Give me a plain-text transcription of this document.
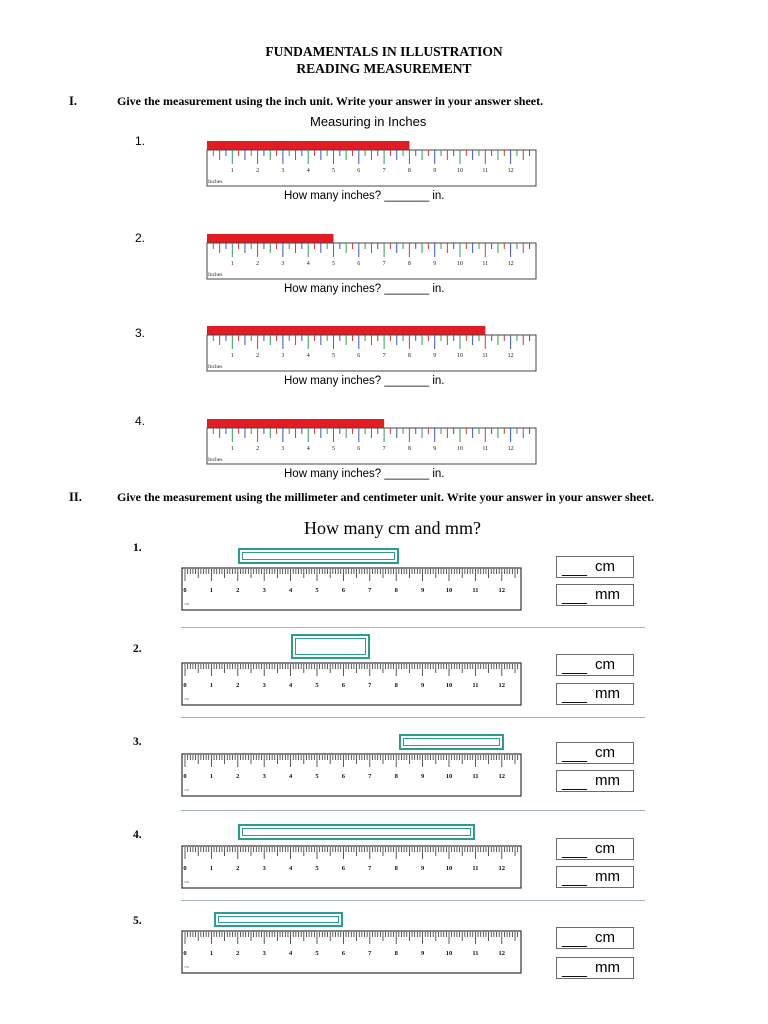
FUNDAMENTALS IN ILLUSTRATION
READING MEASUREMENT
I.	Give the measurement using the inch unit. Write your answer in your answer sheet.
Measuring in Inches
1.
1	2	3	4	5	6	7	8	9	10	11	12
Inches
How many inches? _______ in.
2.
1	2	3	4	5	6	7	8	9	10	11	12
Inches
How many inches? _______ in.
3.
1	2	3	4	5	6	7	8	9	10	11	12
Inches
How many inches? _______ in.
4.
1	2	3	4	5	6	7	8	9	10	11	12
Inches
How many inches? _______ in.
II.	Give the measurement using the millimeter and centimeter unit. Write your answer in your answer sheet.
How many cm and mm?
1.
0	1	2	3	4	5	6	7	8	9	10	11	12
cm
___ cm
___ mm
2.
0	1	2	3	4	5	6	7	8	9	10	11	12
cm
___ cm
___ mm
3.
0	1	2	3	4	5	6	7	8	9	10	11	12
cm
___ cm
___ mm
4.
0	1	2	3	4	5	6	7	8	9	10	11	12
cm
___ cm
___ mm
5.
0	1	2	3	4	5	6	7	8	9	10	11	12
cm
___ cm
___ mm
